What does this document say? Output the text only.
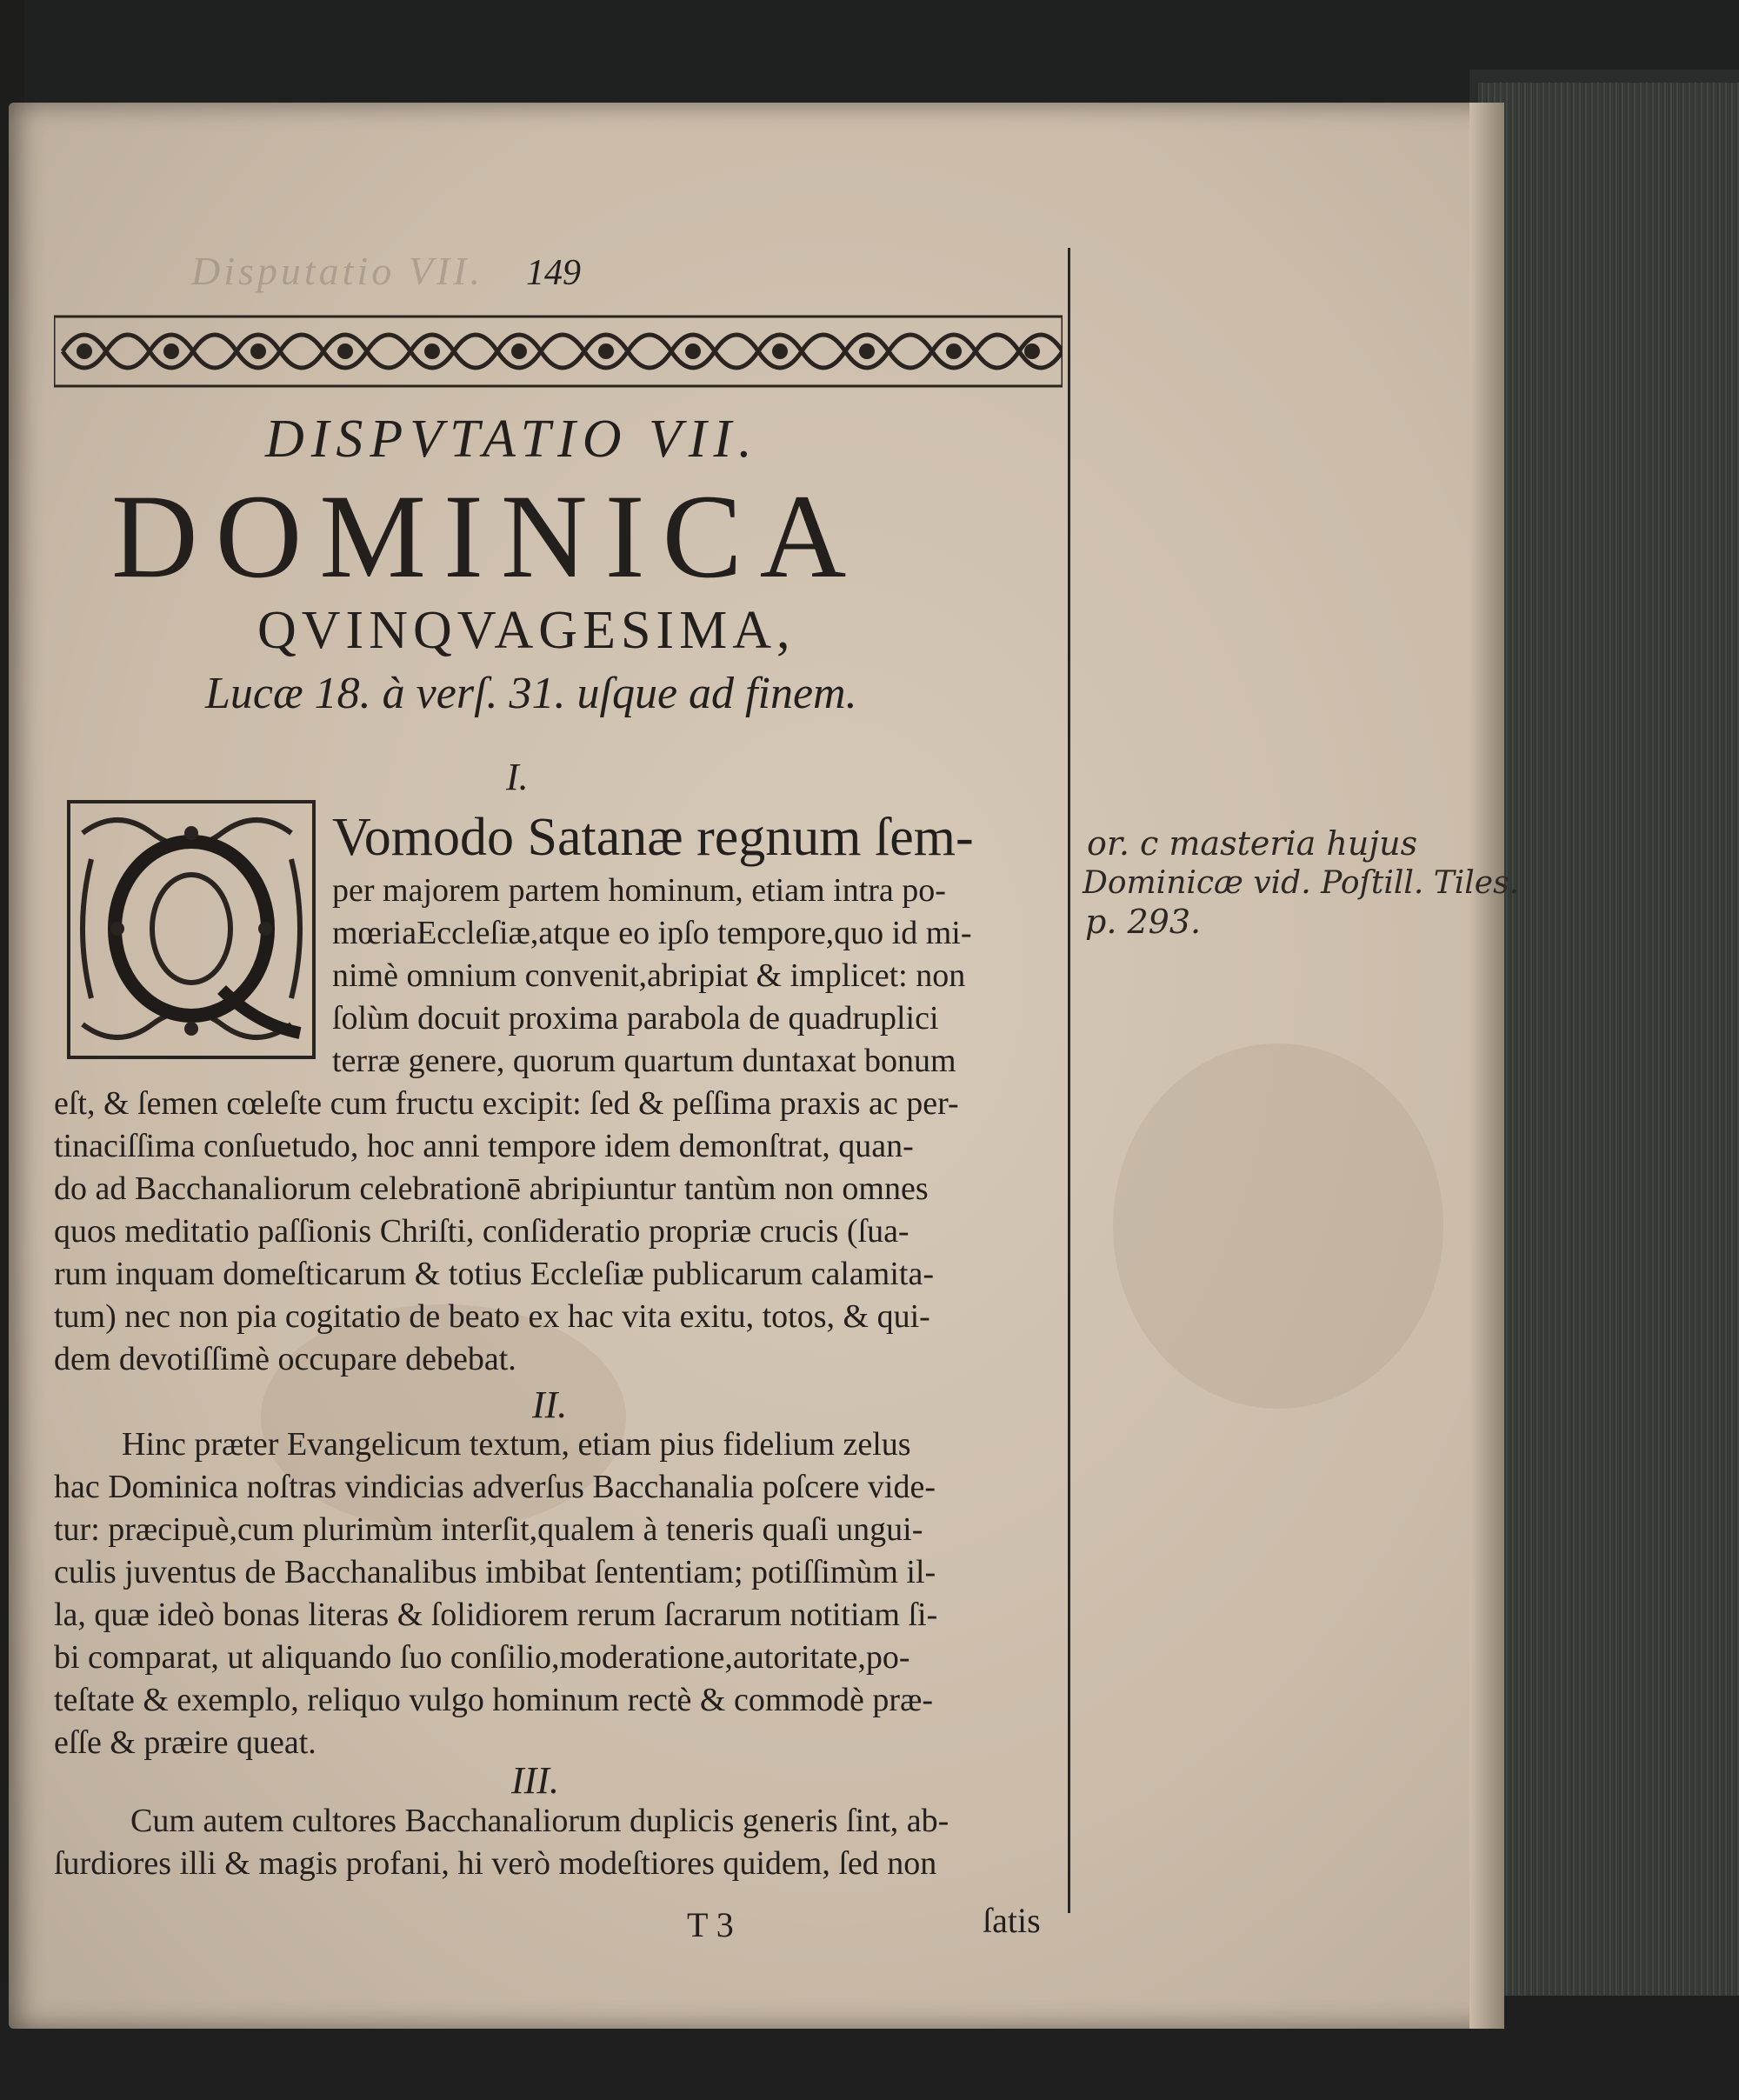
Disputatio VII. 149
DISPVTATIO VII.
DOMINICA
QVINQVAGESIMA,
Lucæ 18. à verſ. 31. uſque ad finem.
I.
Vomodo Satanæ regnum ſem-
per majorem partem hominum, etiam intra po-
mœriaEccleſiæ,atque eo ipſo tempore,quo id mi-
nimè omnium convenit,abripiat & implicet: non
ſolùm docuit proxima parabola de quadruplici
terræ genere, quorum quartum duntaxat bonum
eſt, & ſemen cœleſte cum fructu excipit: ſed & peſſima praxis ac per-
tinaciſſima conſuetudo, hoc anni tempore idem demonſtrat, quan-
do ad Bacchanaliorum celebrationē abripiuntur tantùm non omnes
quos meditatio paſſionis Chriſti, conſideratio propriæ crucis (ſua-
rum inquam domeſticarum & totius Eccleſiæ publicarum calamita-
tum) nec non pia cogitatio de beato ex hac vita exitu, totos, & qui-
dem devotiſſimè occupare debebat.
II.
Hinc præter Evangelicum textum, etiam pius fidelium zelus
hac Dominica noſtras vindicias adverſus Bacchanalia poſcere vide-
tur: præcipuè,cum plurimùm interſit,qualem à teneris quaſi ungui-
culis juventus de Bacchanalibus imbibat ſententiam; potiſſimùm il-
la, quæ ideò bonas literas & ſolidiorem rerum ſacrarum notitiam ſi-
bi comparat, ut aliquando ſuo conſilio,moderatione,autoritate,po-
teſtate & exemplo, reliquo vulgo hominum rectè & commodè præ-
eſſe & præire queat.
III.
Cum autem cultores Bacchanaliorum duplicis generis ſint, ab-
ſurdiores illi & magis profani, hi verò modeſtiores quidem, ſed non
T 3	ſatis
or. c masteria hujus
Dominicæ vid. Poſtill. Tiles.
p. 293.
